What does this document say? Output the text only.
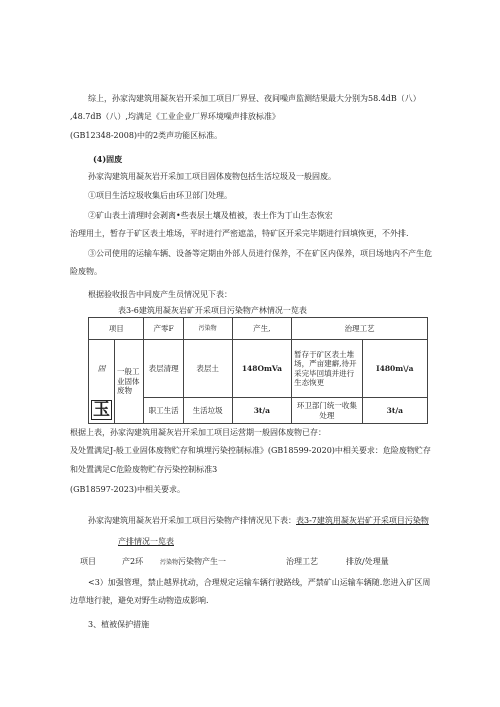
综上，孙家沟建筑用凝灰岩开采加工项目厂界昼、夜间噪声监测结果最大分别为58.4dB（八）
,48.7dB（八）,均满足《工业企业厂界环境噪声排放标准》
(GB12348-2008)中的2类声功能区标准。
(4)固废
孙家沟建筑用凝灰岩开采加工项目固体废物包括生活垃圾及一般固废。
①项目生活垃圾收集后由环卫部门处理。
②矿山表土清理时会剥离•些表层土壤及植被，表土作为丁山生态恢宏
治理用土，暂存于矿区表土堆场，平时进行严密遮盖，特矿区开采完毕期进行回填恢更，不外排.
③公司使用的运输车辆、设备等定期由外部人员进行保养，不在矿区内保养，项目场地内不产生危
险废物。
根据验收报告中同废产生员情况见下表：
表3-6建筑用凝灰岩矿开采项目污染物产林情况一览表
项目		产零F	污染物	产生,	治理工艺	
固	一般工业固体废物	表层清理	表层土	148OmVa	暂存于矿区表土堆场，严亩建癖,待开采完毕回填并进行生态恢更	I480m\/a
玉		职工生活	生活垃圾	3t/a	环卫部门统一收集处理	3t/a
根据上表，孙家沟建筑用凝灰岩开采加工项目运营期一般固体废物已存：
及处置满足J-般工业固体废物贮存和填埋污染控制标准》(GB18599-2020)中相关要求：危险废物贮存
和处置满足C危险废物贮存污染控制标准3
(GB18597-2023)中相关要求。
孙家沟建筑用凝灰岩开采加工项目污染物产排情况见下表：表3-7建筑用凝灰岩矿开采项目污染物
产排情况一览表
项目	产2环	污染物污染物产生一	治理工艺	排放/处理量
<3）加强管理，禁止越界扰动，合理规定运输车辆行驶路线，严禁矿山运输车辆随.您进入矿区周
边草地行驶，避免对野生动物造成影响.
3、植被保护措施
